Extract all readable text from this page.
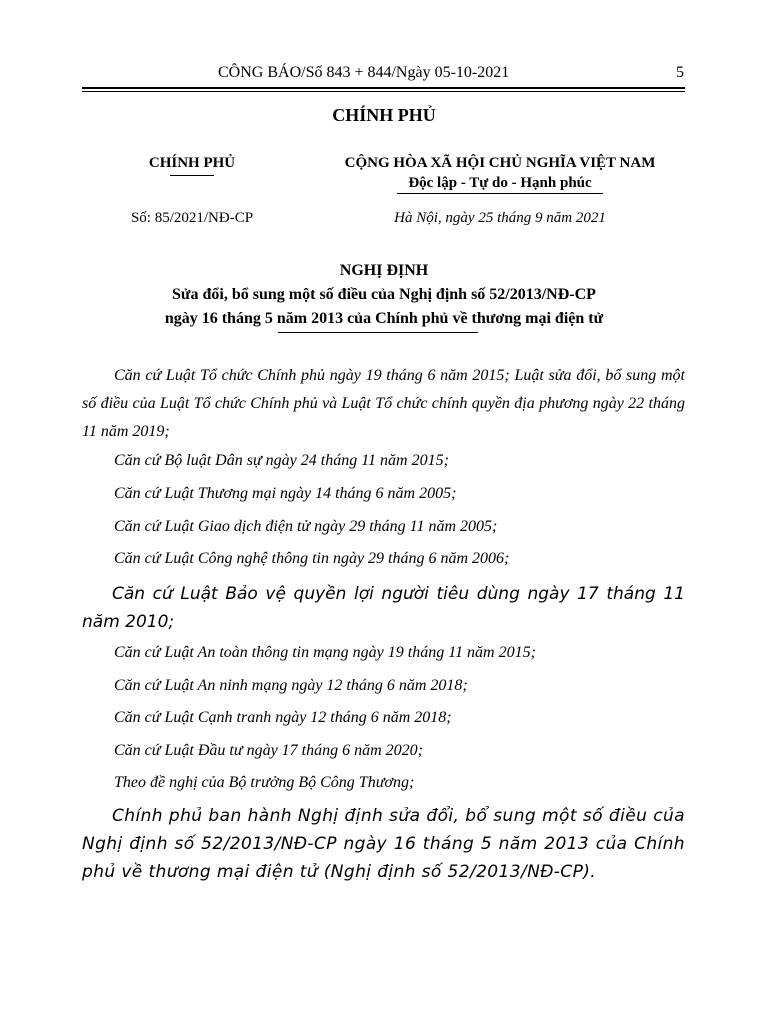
CÔNG BÁO/Số 843 + 844/Ngày 05-10-2021	5
CHÍNH PHỦ
CHÍNH PHỦ
Số: 85/2021/NĐ-CP
CỘNG HÒA XÃ HỘI CHỦ NGHĨA VIỆT NAM
Độc lập - Tự do - Hạnh phúc
Hà Nội, ngày 25 tháng 9 năm 2021
NGHỊ ĐỊNH
Sửa đổi, bổ sung một số điều của Nghị định số 52/2013/NĐ-CP
ngày 16 tháng 5 năm 2013 của Chính phủ về thương mại điện tử
Căn cứ Luật Tổ chức Chính phủ ngày 19 tháng 6 năm 2015; Luật sửa đổi, bổ sung một số điều của Luật Tổ chức Chính phủ và Luật Tổ chức chính quyền địa phương ngày 22 tháng 11 năm 2019;
Căn cứ Bộ luật Dân sự ngày 24 tháng 11 năm 2015;
Căn cứ Luật Thương mại ngày 14 tháng 6 năm 2005;
Căn cứ Luật Giao dịch điện tử ngày 29 tháng 11 năm 2005;
Căn cứ Luật Công nghệ thông tin ngày 29 tháng 6 năm 2006;
Căn cứ Luật Bảo vệ quyền lợi người tiêu dùng ngày 17 tháng 11 năm 2010;
Căn cứ Luật An toàn thông tin mạng ngày 19 tháng 11 năm 2015;
Căn cứ Luật An ninh mạng ngày 12 tháng 6 năm 2018;
Căn cứ Luật Cạnh tranh ngày 12 tháng 6 năm 2018;
Căn cứ Luật Đầu tư ngày 17 tháng 6 năm 2020;
Theo đề nghị của Bộ trưởng Bộ Công Thương;
Chính phủ ban hành Nghị định sửa đổi, bổ sung một số điều của Nghị định số 52/2013/NĐ-CP ngày 16 tháng 5 năm 2013 của Chính phủ về thương mại điện tử (Nghị định số 52/2013/NĐ-CP).
